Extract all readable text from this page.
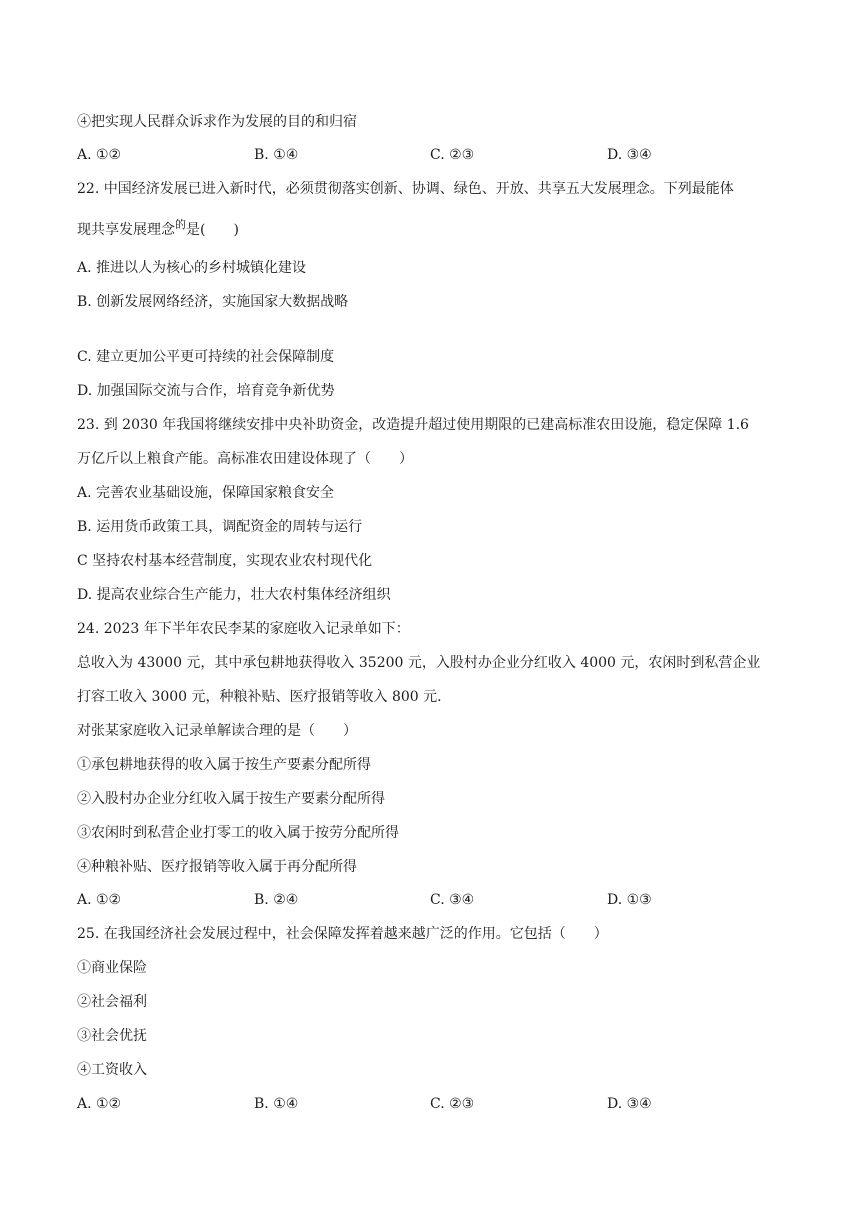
④把实现人民群众诉求作为发展的目的和归宿
A. ①②	B. ①④	C. ②③	D. ③④
22. 中国经济发展已进入新时代，必须贯彻落实创新、协调、绿色、开放、共享五大发展理念。下列最能体
现共享发展理念$^的$是(　　)
A. 推进以人为核心的乡村城镇化建设
B. 创新发展网络经济，实施国家大数据战略
C. 建立更加公平更可持续的社会保障制度
D. 加强国际交流与合作，培育竞争新优势
23. 到 2030 年我国将继续安排中央补助资金，改造提升超过使用期限的已建高标准农田设施，稳定保障 1.6
万亿斤以上粮食产能。高标准农田建设体现了（　　）
A. 完善农业基础设施，保障国家粮食安全
B. 运用货币政策工具，调配资金的周转与运行
C 坚持农村基本经营制度，实现农业农村现代化
D. 提高农业综合生产能力，壮大农村集体经济组织
24. 2023 年下半年农民李某的家庭收入记录单如下：
总收入为 43000 元，其中承包耕地获得收入 35200 元，入股村办企业分红收入 4000 元，农闲时到私营企业
打容工收入 3000 元，种粮补贴、医疗报销等收入 800 元.
对张某家庭收入记录单解读合理的是（　　）
①承包耕地获得的收入属于按生产要素分配所得
②入股村办企业分红收入属于按生产要素分配所得
③农闲时到私营企业打零工的收入属于按劳分配所得
④种粮补贴、医疗报销等收入属于再分配所得
A. ①②	B. ②④	C. ③④	D. ①③
25. 在我国经济社会发展过程中，社会保障发挥着越来越广泛的作用。它包括（　　）
①商业保险
②社会福利
③社会优抚
④工资收入
A. ①②	B. ①④	C. ②③	D. ③④
